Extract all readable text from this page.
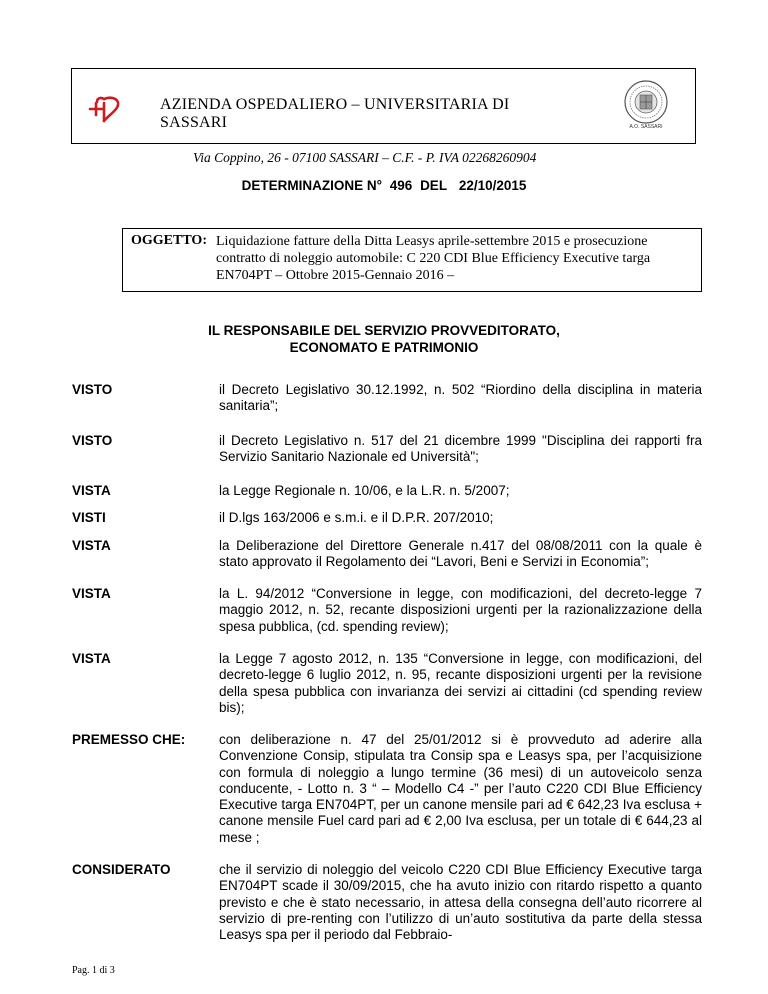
AZIENDA OSPEDALIERO – UNIVERSITARIA DI SASSARI	A.O. SASSARI
Via Coppino, 26 - 07100 SASSARI – C.F. - P. IVA 02268260904
DETERMINAZIONE N° 496 DEL 22/10/2015
OGGETTO: Liquidazione fatture della Ditta Leasys aprile-settembre 2015 e prosecuzione
contratto di noleggio automobile: C 220 CDI Blue Efficiency Executive targa
EN704PT – Ottobre 2015-Gennaio 2016 –
IL RESPONSABILE DEL SERVIZIO PROVVEDITORATO,
ECONOMATO E PATRIMONIO
VISTO	il Decreto Legislativo 30.12.1992, n. 502 “Riordino della disciplina in materia sanitaria”;
VISTO	il Decreto Legislativo n. 517 del 21 dicembre 1999 "Disciplina dei rapporti fra Servizio Sanitario Nazionale ed Università";
VISTA	la Legge Regionale n. 10/06, e la L.R. n. 5/2007;
VISTI	il D.lgs 163/2006 e s.m.i. e il D.P.R. 207/2010;
VISTA	la Deliberazione del Direttore Generale n.417 del 08/08/2011 con la quale è stato approvato il Regolamento dei “Lavori, Beni e Servizi in Economia”;
VISTA	la L. 94/2012 “Conversione in legge, con modificazioni, del decreto-legge 7 maggio 2012, n. 52, recante disposizioni urgenti per la razionalizzazione della spesa pubblica, (cd. spending review);
VISTA	la Legge 7 agosto 2012, n. 135 “Conversione in legge, con modificazioni, del decreto-legge 6 luglio 2012, n. 95, recante disposizioni urgenti per la revisione della spesa pubblica con invarianza dei servizi ai cittadini (cd spending review bis);
PREMESSO CHE: con deliberazione n. 47 del 25/01/2012 si è provveduto ad aderire alla Convenzione Consip, stipulata tra Consip spa e Leasys spa, per l’acquisizione con formula di noleggio a lungo termine (36 mesi) di un autoveicolo senza conducente, - Lotto n. 3 “ – Modello C4 -” per l’auto C220 CDI Blue Efficiency Executive targa EN704PT, per un canone mensile pari ad € 642,23 Iva esclusa + canone mensile Fuel card pari ad € 2,00 Iva esclusa, per un totale di € 644,23 al mese ;
CONSIDERATO	che il servizio di noleggio del veicolo C220 CDI Blue Efficiency Executive targa EN704PT scade il 30/09/2015, che ha avuto inizio con ritardo rispetto a quanto previsto e che è stato necessario, in attesa della consegna dell’auto ricorrere al servizio di pre-renting con l’utilizzo di un’auto sostitutiva da parte della stessa Leasys spa per il periodo dal Febbraio-
Pag. 1 di 3
